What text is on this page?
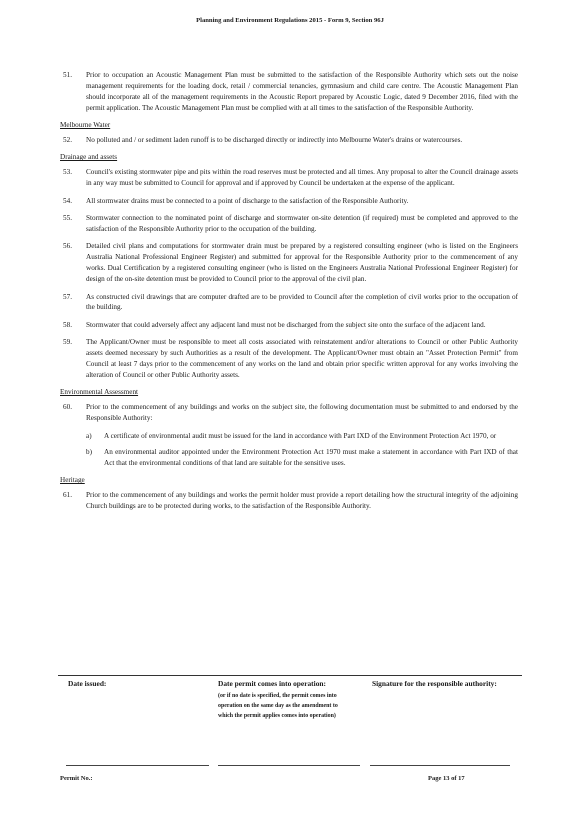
Planning and Environment Regulations 2015 - Form 9, Section 96J
51. Prior to occupation an Acoustic Management Plan must be submitted to the satisfaction of the Responsible Authority which sets out the noise management requirements for the loading dock, retail / commercial tenancies, gymnasium and child care centre. The Acoustic Management Plan should incorporate all of the management requirements in the Acoustic Report prepared by Acoustic Logic, dated 9 December 2016, filed with the permit application. The Acoustic Management Plan must be complied with at all times to the satisfaction of the Responsible Authority.
Melbourne Water
52. No polluted and / or sediment laden runoff is to be discharged directly or indirectly into Melbourne Water's drains or watercourses.
Drainage and assets
53. Council's existing stormwater pipe and pits within the road reserves must be protected and all times. Any proposal to alter the Council drainage assets in any way must be submitted to Council for approval and if approved by Council be undertaken at the expense of the applicant.
54. All stormwater drains must be connected to a point of discharge to the satisfaction of the Responsible Authority.
55. Stormwater connection to the nominated point of discharge and stormwater on-site detention (if required) must be completed and approved to the satisfaction of the Responsible Authority prior to the occupation of the building.
56. Detailed civil plans and computations for stormwater drain must be prepared by a registered consulting engineer (who is listed on the Engineers Australia National Professional Engineer Register) and submitted for approval for the Responsible Authority prior to the commencement of any works. Dual Certification by a registered consulting engineer (who is listed on the Engineers Australia National Professional Engineer Register) for design of the on-site detention must be provided to Council prior to the approval of the civil plan.
57. As constructed civil drawings that are computer drafted are to be provided to Council after the completion of civil works prior to the occupation of the building.
58. Stormwater that could adversely affect any adjacent land must not be discharged from the subject site onto the surface of the adjacent land.
59. The Applicant/Owner must be responsible to meet all costs associated with reinstatement and/or alterations to Council or other Public Authority assets deemed necessary by such Authorities as a result of the development. The Applicant/Owner must obtain an "Asset Protection Permit" from Council at least 7 days prior to the commencement of any works on the land and obtain prior specific written approval for any works involving the alteration of Council or other Public Authority assets.
Environmental Assessment
60. Prior to the commencement of any buildings and works on the subject site, the following documentation must be submitted to and endorsed by the Responsible Authority:
a) A certificate of environmental audit must be issued for the land in accordance with Part IXD of the Environment Protection Act 1970, or
b) An environmental auditor appointed under the Environment Protection Act 1970 must make a statement in accordance with Part IXD of that Act that the environmental conditions of that land are suitable for the sensitive uses.
Heritage
61. Prior to the commencement of any buildings and works the permit holder must provide a report detailing how the structural integrity of the adjoining Church buildings are to be protected during works, to the satisfaction of the Responsible Authority.
Date issued:	Date permit comes into operation:
(or if no date is specified, the permit comes into operation on the same day as the amendment to which the permit applies comes into operation)
Signature for the responsible authority:
Permit No.:	Page 13 of 17
